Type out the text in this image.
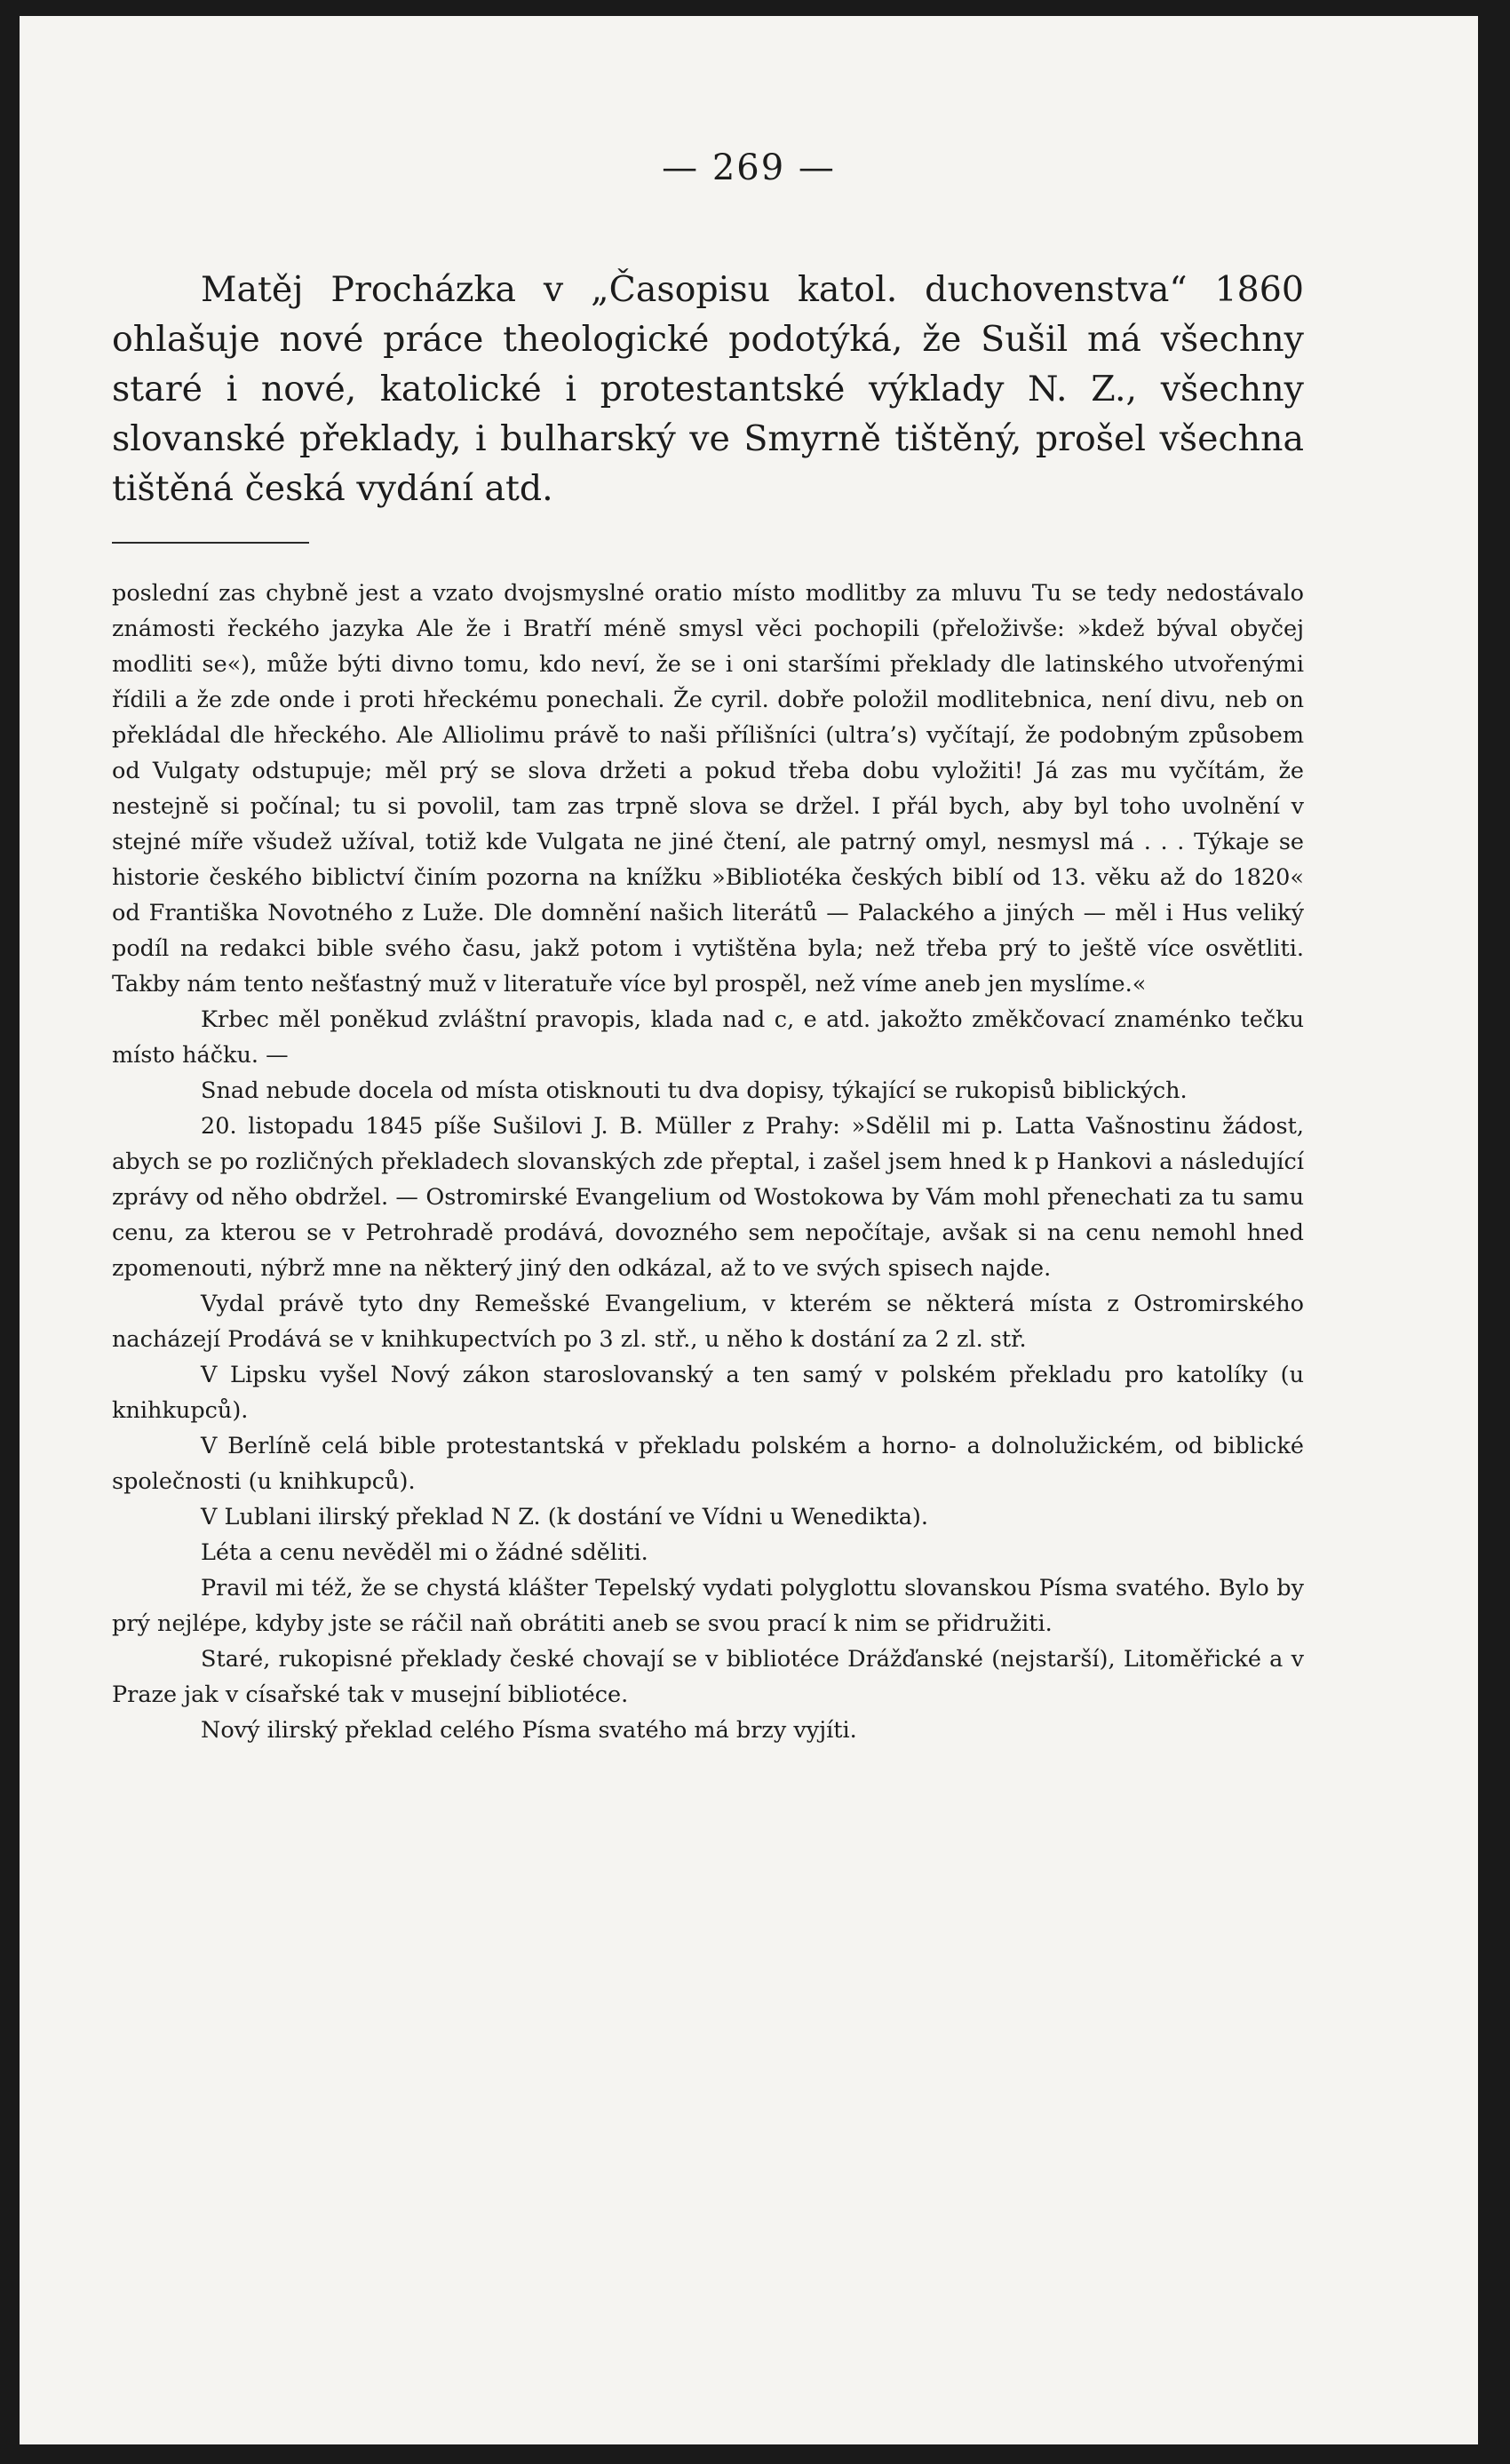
— 269 —

Matěj Procházka v „Časopisu katol. duchovenstva“ 1860 ohlašuje nové práce theologické podotýká, že Sušil má všechny staré i nové, katolické i protestantské výklady N. Z., všechny slovanské překlady, i bulharský ve Smyrně tištěný, prošel všechna tištěná česká vydání atd.

poslední zas chybně jest a vzato dvojsmyslné oratio místo modlitby za mluvu Tu se tedy nedostávalo známosti řeckého jazyka Ale že i Bratří méně smysl věci pochopili (přeloživše: »kdež býval obyčej modliti se«), může býti divno tomu, kdo neví, že se i oni staršími překlady dle latinského utvořenými řídili a že zde onde i proti hřeckému ponechali. Že cyril. dobře položil modlitebnica, není divu, neb on překládal dle hřeckého. Ale Alliolimu právě to naši přílišníci (ultra’s) vyčítají, že podobným způsobem od Vulgaty odstupuje; měl prý se slova držeti a pokud třeba dobu vyložiti! Já zas mu vyčítám, že nestejně si počínal; tu si povolil, tam zas trpně slova se držel. I přál bych, aby byl toho uvolnění v stejné míře všudež užíval, totiž kde Vulgata ne jiné čtení, ale patrný omyl, nesmysl má . . . Týkaje se historie českého biblictví činím pozorna na knížku »Bibliotéka českých biblí od 13. věku až do 1820« od Františka Novotného z Luže. Dle domnění našich literátů — Palackého a jiných — měl i Hus veliký podíl na redakci bible svého času, jakž potom i vytištěna byla; než třeba prý to ještě více osvětliti. Takby nám tento nešťastný muž v literatuře více byl prospěl, než víme aneb jen myslíme.«

Krbec měl poněkud zvláštní pravopis, klada nad c, e atd. jakožto změkčovací znaménko tečku místo háčku. —

Snad nebude docela od místa otisknouti tu dva dopisy, týkající se rukopisů biblických.

20. listopadu 1845 píše Sušilovi J. B. Müller z Prahy: »Sdělil mi p. Latta Vašnostinu žádost, abych se po rozličných překladech slovanských zde přeptal, i zašel jsem hned k p Hankovi a následující zprávy od něho obdržel. — Ostromirské Evangelium od Wostokowa by Vám mohl přenechati za tu samu cenu, za kterou se v Petrohradě prodává, dovozného sem nepočítaje, avšak si na cenu nemohl hned zpomenouti, nýbrž mne na některý jiný den odkázal, až to ve svých spisech najde.

Vydal právě tyto dny Remešské Evangelium, v kterém se některá místa z Ostromirského nacházejí Prodává se v knihkupectvích po 3 zl. stř., u něho k dostání za 2 zl. stř.

V Lipsku vyšel Nový zákon staroslovanský a ten samý v polském překladu pro katolíky (u knihkupců).

V Berlíně celá bible protestantská v překladu polském a horno- a dolnolužickém, od biblické společnosti (u knihkupců).

V Lublani ilirský překlad N Z. (k dostání ve Vídni u Wenedikta).

Léta a cenu nevěděl mi o žádné sděliti.

Pravil mi též, že se chystá klášter Tepelský vydati polyglottu slovanskou Písma svatého. Bylo by prý nejlépe, kdyby jste se ráčil naň obrátiti aneb se svou prací k nim se přidružiti.

Staré, rukopisné překlady české chovají se v bibliotéce Drážďanské (nejstarší), Litoměřické a v Praze jak v císařské tak v musejní bibliotéce.

Nový ilirský překlad celého Písma svatého má brzy vyjíti.
